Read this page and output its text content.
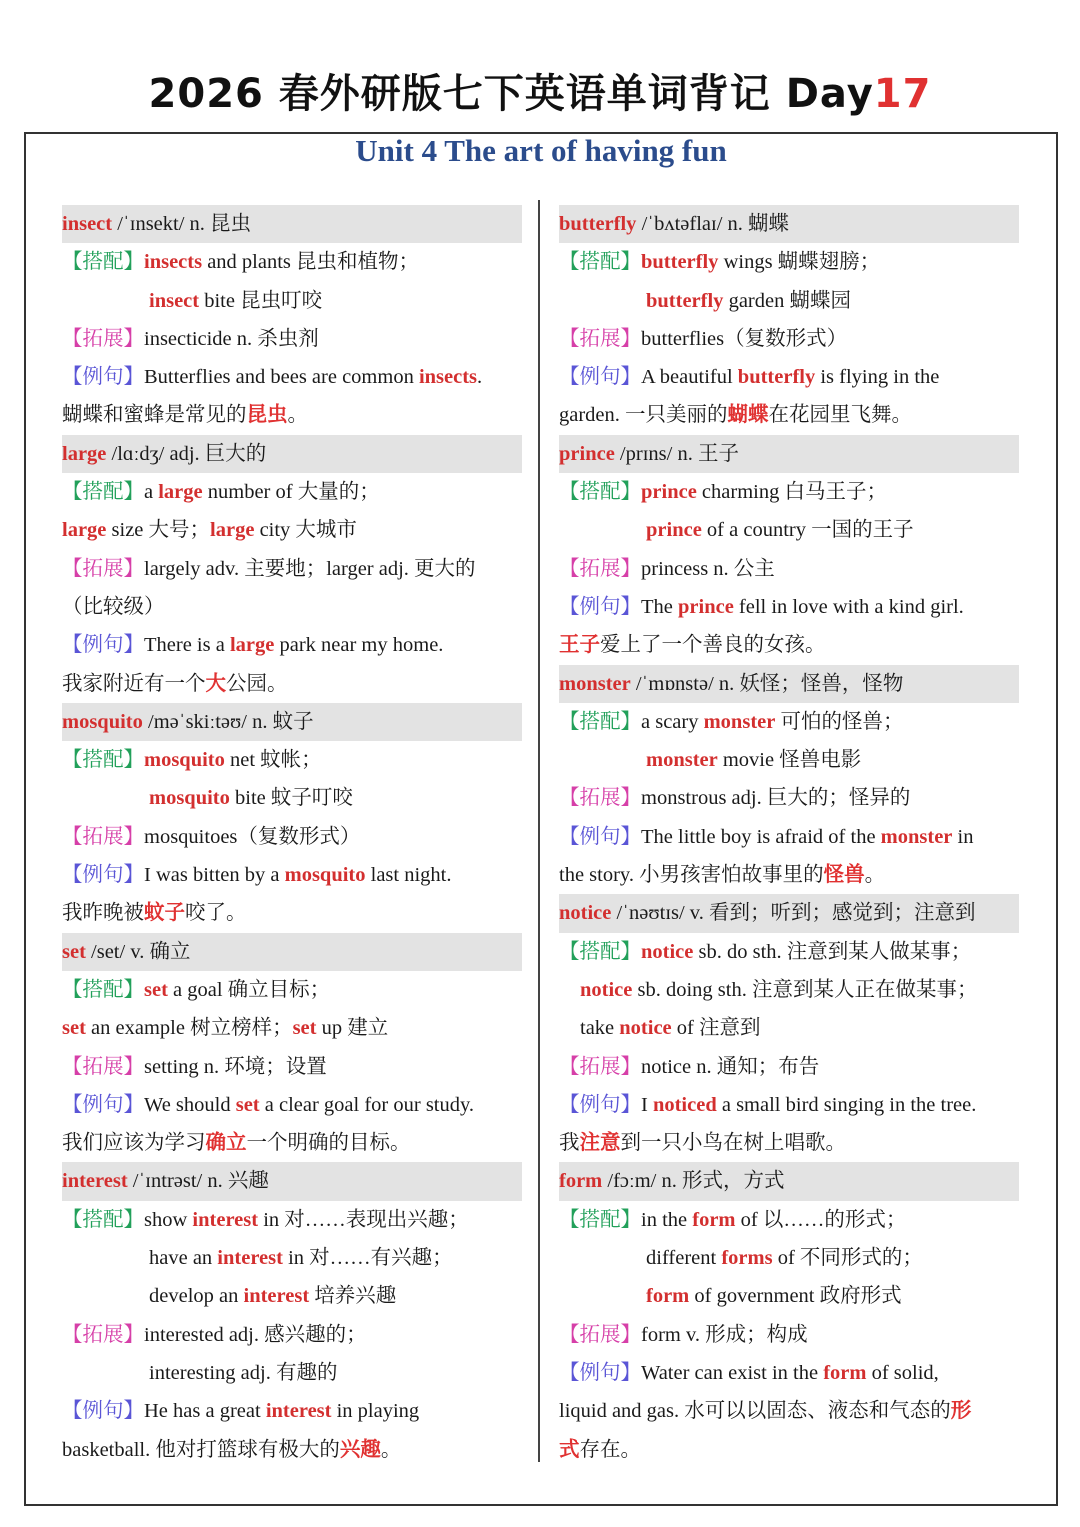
2026 春外研版七下英语单词背记 Day17
Unit 4 The art of having fun
insect /ˈɪnsekt/ n. 昆虫
【搭配】insects and plants 昆虫和植物；
insect bite 昆虫叮咬
【拓展】insecticide n. 杀虫剂
【例句】Butterflies and bees are common insects.
蝴蝶和蜜蜂是常见的昆虫。
large /lɑːdʒ/ adj. 巨大的
【搭配】a large number of 大量的；
large size 大号；large city 大城市
【拓展】largely adv. 主要地；larger adj. 更大的
（比较级）
【例句】There is a large park near my home.
我家附近有一个大公园。
mosquito /məˈskiːtəʊ/ n. 蚊子
【搭配】mosquito net 蚊帐；
mosquito bite 蚊子叮咬
【拓展】mosquitoes（复数形式）
【例句】I was bitten by a mosquito last night.
我昨晚被蚊子咬了。
set /set/ v. 确立
【搭配】set a goal 确立目标；
set an example 树立榜样；set up 建立
【拓展】setting n. 环境；设置
【例句】We should set a clear goal for our study.
我们应该为学习确立一个明确的目标。
interest /ˈɪntrəst/ n. 兴趣
【搭配】show interest in 对……表现出兴趣；
have an interest in 对……有兴趣；
develop an interest 培养兴趣
【拓展】interested adj. 感兴趣的；
interesting adj. 有趣的
【例句】He has a great interest in playing
basketball. 他对打篮球有极大的兴趣。
butterfly /ˈbʌtəflaɪ/ n. 蝴蝶
【搭配】butterfly wings 蝴蝶翅膀；
butterfly garden 蝴蝶园
【拓展】butterflies（复数形式）
【例句】A beautiful butterfly is flying in the
garden. 一只美丽的蝴蝶在花园里飞舞。
prince /prɪns/ n. 王子
【搭配】prince charming 白马王子；
prince of a country 一国的王子
【拓展】princess n. 公主
【例句】The prince fell in love with a kind girl.
王子爱上了一个善良的女孩。
monster /ˈmɒnstə/ n. 妖怪；怪兽，怪物
【搭配】a scary monster 可怕的怪兽；
monster movie 怪兽电影
【拓展】monstrous adj. 巨大的；怪异的
【例句】The little boy is afraid of the monster in
the story. 小男孩害怕故事里的怪兽。
notice /ˈnəʊtɪs/ v. 看到；听到；感觉到；注意到
【搭配】notice sb. do sth. 注意到某人做某事；
notice sb. doing sth. 注意到某人正在做某事；
take notice of 注意到
【拓展】notice n. 通知；布告
【例句】I noticed a small bird singing in the tree.
我注意到一只小鸟在树上唱歌。
form /fɔːm/ n. 形式，方式
【搭配】in the form of 以……的形式；
different forms of 不同形式的；
form of government 政府形式
【拓展】form v. 形成；构成
【例句】Water can exist in the form of solid,
liquid and gas. 水可以以固态、液态和气态的形
式存在。
